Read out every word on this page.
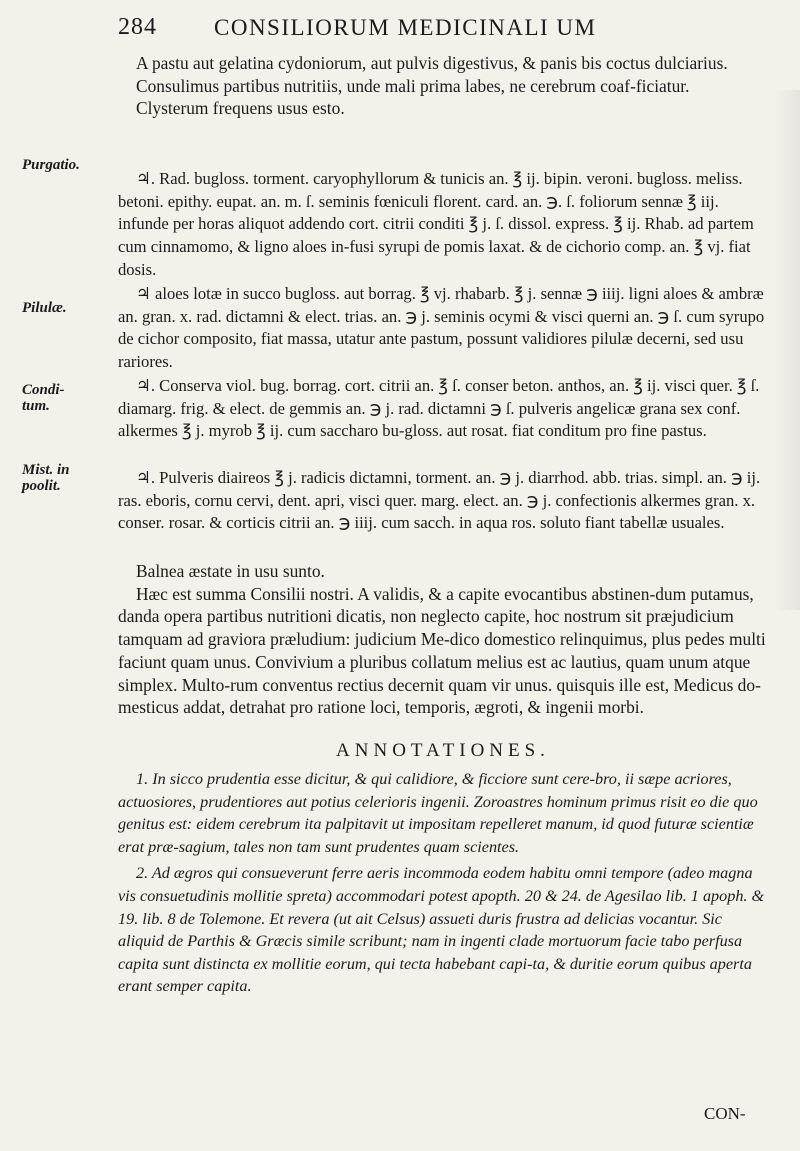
284 CONSILIORUM MEDICINALI UM
Purgatio.
Pilulæ.
Condi-
tum.
Mist. in
poolit.

A pastu aut gelatina cydoniorum, aut pulvis digestivus, & panis bis coctus dulciarius.

Consulimus partibus nutritiis, unde mali prima labes, ne cerebrum coaf-ficiatur.

Clysterum frequens usus esto.

♃. Rad. bugloss. torment. caryophyllorum & tunicis an. ℥ ij. bipin. veroni. bugloss. meliss. betoni. epithy. eupat. an. m. ſ. seminis fœniculi florent. card. an. ℈. ſ. foliorum sennæ ℥ iij. infunde per horas aliquot addendo cort. citrii conditi ℥ j. ſ. dissol. express. ℥ ij. Rhab. ad partem cum cinnamomo, & ligno aloes in-fusi syrupi de pomis laxat. & de cichorio comp. an. ℥ vj. fiat dosis.

♃ aloes lotæ in succo bugloss. aut borrag. ℥ vj. rhabarb. ℥ j. sennæ ℈ iiij. ligni aloes & ambræ an. gran. x. rad. dictamni & elect. trias. an. ℈ j. seminis ocymi & visci querni an. ℈ ſ. cum syrupo de cichor composito, fiat massa, utatur ante pastum, possunt validiores pilulæ decerni, sed usu rariores.

♃. Conserva viol. bug. borrag. cort. citrii an. ℥ ſ. conser beton. anthos, an. ℥ ij. visci quer. ℥ ſ. diamarg. frig. & elect. de gemmis an. ℈ j. rad. dictamni ℈ ſ. pulveris angelicæ grana sex conf. alkermes ℥ j. myrob ℥ ij. cum saccharo bu-gloss. aut rosat. fiat conditum pro fine pastus.

♃. Pulveris diaireos ℥ j. radicis dictamni, torment. an. ℈ j. diarrhod. abb. trias. simpl. an. ℈ ij. ras. eboris, cornu cervi, dent. apri, visci quer. marg. elect. an. ℈ j. confectionis alkermes gran. x. conser. rosar. & corticis citrii an. ℈ iiij. cum sacch. in aqua ros. soluto fiant tabellæ usuales.

Balnea æstate in usu sunto.

Hæc est summa Consilii nostri. A validis, & a capite evocantibus abstinen-dum putamus, danda opera partibus nutritioni dicatis, non neglecto capite, hoc nostrum sit præjudicium tamquam ad graviora præludium: judicium Me-dico domestico relinquimus, plus pedes multi faciunt quam unus. Convivium a pluribus collatum melius est ac lautius, quam unum atque simplex. Multo-rum conventus rectius decernit quam vir unus. quisquis ille est, Medicus do-mesticus addat, detrahat pro ratione loci, temporis, ægroti, & ingenii morbi.

ANNOTATIONES.

1. In sicco prudentia esse dicitur, & qui calidiore, & ficciore sunt cere-bro, ii sæpe acriores, actuosiores, prudentiores aut potius celerioris ingenii. Zoroastres hominum primus risit eo die quo genitus est: eidem cerebrum ita palpitavit ut impositam repelleret manum, id quod futuræ scientiæ erat præ-sagium, tales non tam sunt prudentes quam scientes.

2. Ad ægros qui consueverunt ferre aeris incommoda eodem habitu omni tempore (adeo magna vis consuetudinis mollitie spreta) accommodari potest apopth. 20 & 24. de Agesilao lib. 1 apoph. & 19. lib. 8 de Tolemone. Et revera (ut ait Celsus) assueti duris frustra ad delicias vocantur. Sic aliquid de Parthis & Græcis simile scribunt; nam in ingenti clade mortuorum facie tabo perfusa capita sunt distincta ex mollitie eorum, qui tecta habebant capi-ta, & duritie eorum quibus aperta erant semper capita.

CON-
